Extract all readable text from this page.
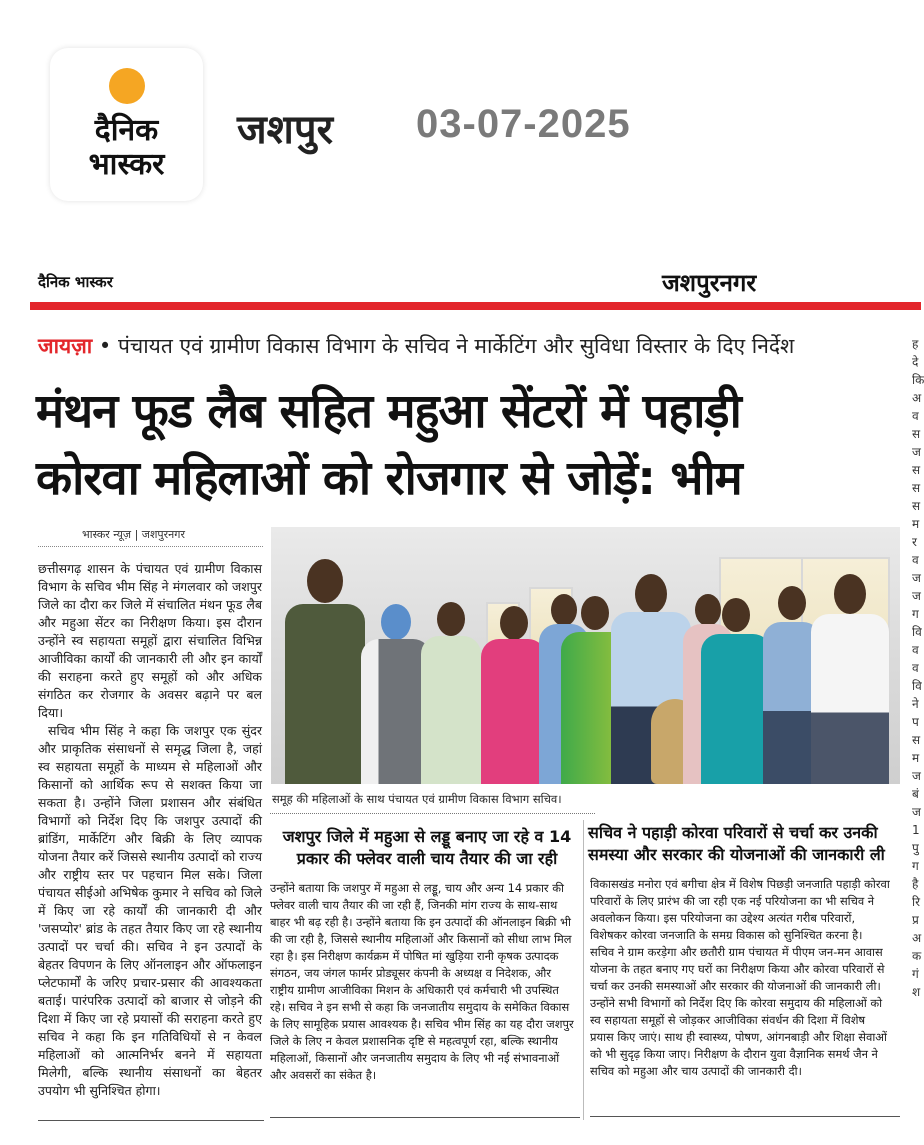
दैनिक
भास्कर
जशपुर 03-07-2025
दैनिक भास्कर	जशपुरनगर
जायज़ा • पंचायत एवं ग्रामीण विकास विभाग के सचिव ने मार्केटिंग और सुविधा विस्तार के दिए निर्देश
मंथन फूड लैब सहित महुआ सेंटरों में पहाड़ी
कोरवा महिलाओं को रोजगार से जोड़ें: भीम
भास्कर न्यूज़ | जशपुरनगर

छत्तीसगढ़ शासन के पंचायत एवं ग्रामीण विकास विभाग के सचिव भीम सिंह ने मंगलवार को जशपुर जिले का दौरा कर जिले में संचालित मंथन फूड लैब और महुआ सेंटर का निरीक्षण किया। इस दौरान उन्होंने स्व सहायता समूहों द्वारा संचालित विभिन्न आजीविका कार्यों की जानकारी ली और इन कार्यों की सराहना करते हुए समूहों को और अधिक संगठित कर रोजगार के अवसर बढ़ाने पर बल दिया।

सचिव भीम सिंह ने कहा कि जशपुर एक सुंदर और प्राकृतिक संसाधनों से समृद्ध जिला है, जहां स्व सहायता समूहों के माध्यम से महिलाओं और किसानों को आर्थिक रूप से सशक्त किया जा सकता है। उन्होंने जिला प्रशासन और संबंधित विभागों को निर्देश दिए कि जशपुर उत्पादों की ब्रांडिंग, मार्केटिंग और बिक्री के लिए व्यापक योजना तैयार करें जिससे स्थानीय उत्पादों को राज्य और राष्ट्रीय स्तर पर पहचान मिल सके। जिला पंचायत सीईओ अभिषेक कुमार ने सचिव को जिले में किए जा रहे कार्यों की जानकारी दी और 'जसप्योर' ब्रांड के तहत तैयार किए जा रहे स्थानीय उत्पादों पर चर्चा की। सचिव ने इन उत्पादों के बेहतर विपणन के लिए ऑनलाइन और ऑफलाइन प्लेटफार्मों के जरिए प्रचार-प्रसार की आवश्यकता बताई। पारंपरिक उत्पादों को बाजार से जोड़ने की दिशा में किए जा रहे प्रयासों की सराहना करते हुए सचिव ने कहा कि इन गतिविधियों से न केवल महिलाओं को आत्मनिर्भर बनने में सहायता मिलेगी, बल्कि स्थानीय संसाधनों का बेहतर उपयोग भी सुनिश्चित होगा।

समूह की महिलाओं के साथ पंचायत एवं ग्रामीण विकास विभाग सचिव।
जशपुर जिले में महुआ से लड्डू बनाए जा रहे व 14 प्रकार की फ्लेवर वाली चाय तैयार की जा रही

उन्होंने बताया कि जशपुर में महुआ से लड्डू, चाय और अन्य 14 प्रकार की फ्लेवर वाली चाय तैयार की जा रही हैं, जिनकी मांग राज्य के साथ-साथ बाहर भी बढ़ रही है। उन्होंने बताया कि इन उत्पादों की ऑनलाइन बिक्री भी की जा रही है, जिससे स्थानीय महिलाओं और किसानों को सीधा लाभ मिल रहा है। इस निरीक्षण कार्यक्रम में पोषित मां खुड़िया रानी कृषक उत्पादक संगठन, जय जंगल फार्मर प्रोड्यूसर कंपनी के अध्यक्ष व निदेशक, और राष्ट्रीय ग्रामीण आजीविका मिशन के अधिकारी एवं कर्मचारी भी उपस्थित रहे। सचिव ने इन सभी से कहा कि जनजातीय समुदाय के समेकित विकास के लिए सामूहिक प्रयास आवश्यक है। सचिव भीम सिंह का यह दौरा जशपुर जिले के लिए न केवल प्रशासनिक दृष्टि से महत्वपूर्ण रहा, बल्कि स्थानीय महिलाओं, किसानों और जनजातीय समुदाय के लिए भी नई संभावनाओं और अवसरों का संकेत है।

सचिव ने पहाड़ी कोरवा परिवारों से चर्चा कर उनकी समस्या और सरकार की योजनाओं की जानकारी ली

विकासखंड मनोरा एवं बगीचा क्षेत्र में विशेष पिछड़ी जनजाति पहाड़ी कोरवा परिवारों के लिए प्रारंभ की जा रही एक नई परियोजना का भी सचिव ने अवलोकन किया। इस परियोजना का उद्देश्य अत्यंत गरीब परिवारों, विशेषकर कोरवा जनजाति के समग्र विकास को सुनिश्चित करना है। सचिव ने ग्राम करड़ेगा और छतौरी ग्राम पंचायत में पीएम जन-मन आवास योजना के तहत बनाए गए घरों का निरीक्षण किया और कोरवा परिवारों से चर्चा कर उनकी समस्याओं और सरकार की योजनाओं की जानकारी ली। उन्होंने सभी विभागों को निर्देश दिए कि कोरवा समुदाय की महिलाओं को स्व सहायता समूहों से जोड़कर आजीविका संवर्धन की दिशा में विशेष प्रयास किए जाएं। साथ ही स्वास्थ्य, पोषण, आंगनबाड़ी और शिक्षा सेवाओं को भी सुदृढ़ किया जाए। निरीक्षण के दौरान युवा वैज्ञानिक समर्थ जैन ने सचिव को महुआ और चाय उत्पादों की जानकारी दी।

ह दे कि अ व स ज स स स म र व ज ज ग वि व व वि ने प स म ज बं ज 1 पु ग है रि प्र अ क गं श
